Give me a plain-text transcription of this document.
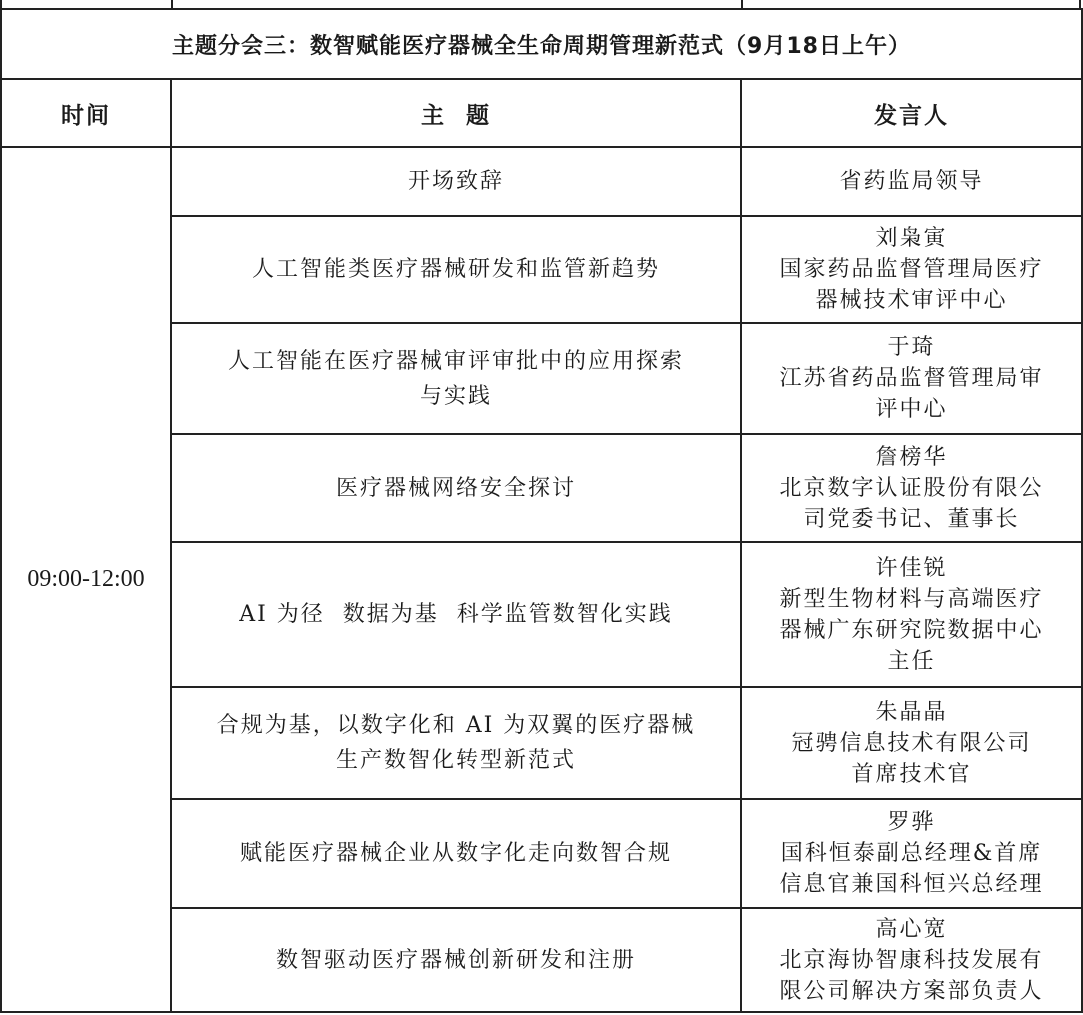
主题分会三：数智赋能医疗器械全生命周期管理新范式（9月18日上午）		
时间	主  题	发言人
09:00-12:00	开场致辞	省药监局领导

	人工智能类医疗器械研发和监管新趋势	刘枭寅
国家药品监督管理局医疗
器械技术审评中心

	人工智能在医疗器械审评审批中的应用探索
与实践	于琦
江苏省药品监督管理局审
评中心

	医疗器械网络安全探讨	詹榜华
北京数字认证股份有限公
司党委书记、董事长

	AI 为径  数据为基  科学监管数智化实践	许佳锐
新型生物材料与高端医疗
器械广东研究院数据中心
主任

	合规为基，以数字化和 AI 为双翼的医疗器械
生产数智化转型新范式	朱晶晶
冠骋信息技术有限公司
首席技术官

	赋能医疗器械企业从数字化走向数智合规	罗骅
国科恒泰副总经理&首席
信息官兼国科恒兴总经理

	数智驱动医疗器械创新研发和注册	高心宽
北京海协智康科技发展有
限公司解决方案部负责人
